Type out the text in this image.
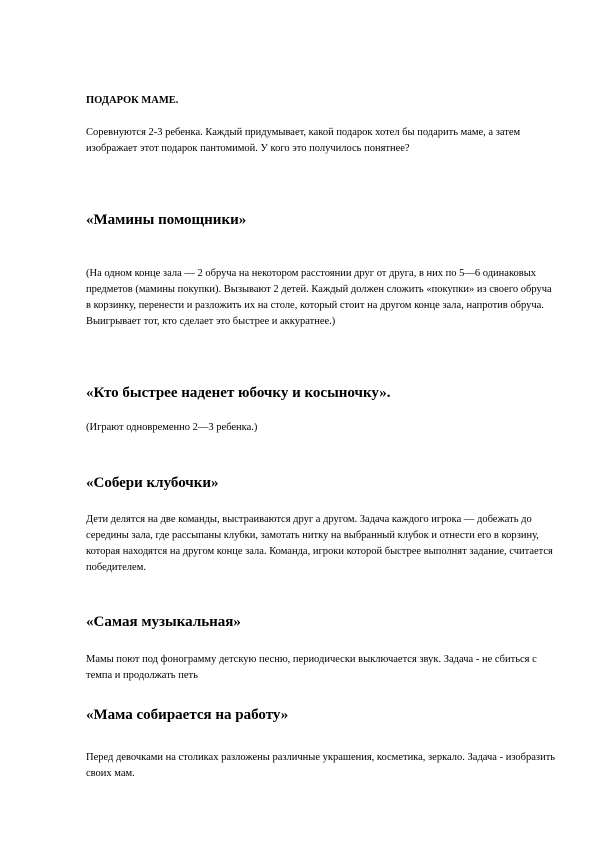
ПОДАРОК МАМЕ.

Соревнуются 2-3 ребенка. Каждый придумывает, какой подарок хотел бы подарить маме, а затем изображает этот подарок пантомимой. У кого это получилось понятнее?

«Мамины помощники»

(На одном конце зала — 2 обруча на некотором расстоянии друг от друга, в них по 5—6 одинаковых предметов (мамины покупки). Вызывают 2 детей. Каждый должен сложить «покупки» из своего обруча в корзинку, перенести и разложить их на столе, который стоит на другом конце зала, напротив обруча. Выигрывает тот, кто сделает это быстрее и аккуратнее.)

«Кто быстрее наденет юбочку и косыночку».

(Играют одновременно 2—3 ребенка.)

«Собери клубочки»

Дети делятся на две команды, выстраиваются друг а другом. Задача каждого игрока — добежать до середины зала, где рассыпаны клубки, замотать нитку на выбранный клубок и отнести его в корзину, которая находятся на другом конце зала. Команда, игроки которой быстрее выполнят задание, считается победителем.

«Самая музыкальная»

Мамы поют под фонограмму детскую песню, периодически выключается звук. Задача - не сбиться с темпа и продолжать петь

«Мама собирается на работу»

Перед девочками на столиках разложены различные украшения, косметика, зеркало. Задача - изобразить своих мам.
